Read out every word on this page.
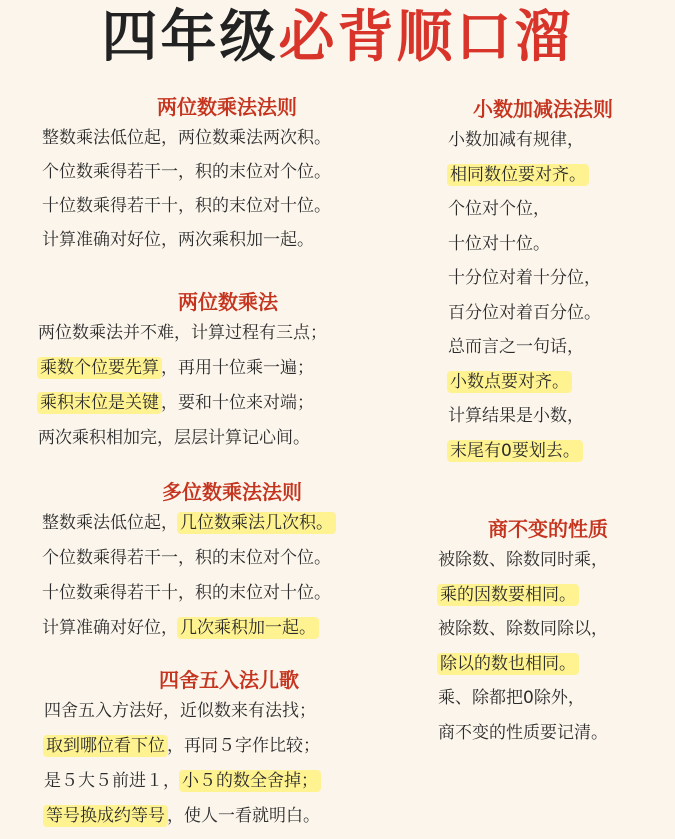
四年级必背顺口溜
两位数乘法法则
整数乘法低位起，两位数乘法两次积。
个位数乘得若干一，积的末位对个位。
十位数乘得若干十，积的末位对十位。
计算准确对好位，两次乘积加一起。
两位数乘法
两位数乘法并不难，计算过程有三点；
乘数个位要先算 ，再用十位乘一遍；
乘积末位是关键 ，要和十位来对端；
两次乘积相加完，层层计算记心间。
多位数乘法法则
整数乘法低位起， 几位数乘法几次积。
个位数乘得若干一，积的末位对个位。
十位数乘得若干十，积的末位对十位。
计算准确对好位， 几次乘积加一起。
四舍五入法儿歌
四舍五入方法好，近似数来有法找；
取到哪位看下位 ，再同５字作比较；
是５大５前进１， 小５的数全舍掉；
等号换成约等号 ，使人一看就明白。
小数加减法法则
小数加减有规律，
相同数位要对齐。
个位对个位，
十位对十位。
十分位对着十分位，
百分位对着百分位。
总而言之一句话，
小数点要对齐。
计算结果是小数，
末尾有0要划去。
商不变的性质
被除数、除数同时乘，
乘的因数要相同。
被除数、除数同除以，
除以的数也相同。
乘、除都把0除外，
商不变的性质要记清。
